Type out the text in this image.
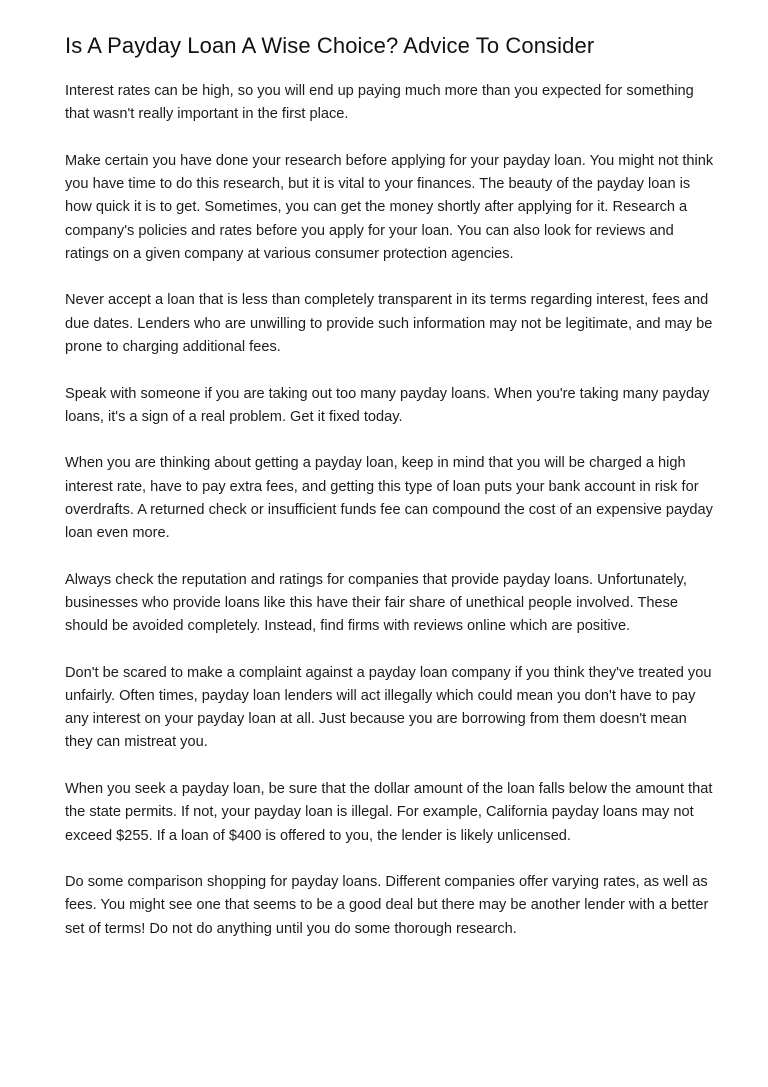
Is A Payday Loan A Wise Choice? Advice To Consider

Interest rates can be high, so you will end up paying much more than you expected for something that wasn't really important in the first place.

Make certain you have done your research before applying for your payday loan. You might not think you have time to do this research, but it is vital to your finances. The beauty of the payday loan is how quick it is to get. Sometimes, you can get the money shortly after applying for it. Research a company's policies and rates before you apply for your loan. You can also look for reviews and ratings on a given company at various consumer protection agencies.

Never accept a loan that is less than completely transparent in its terms regarding interest, fees and due dates. Lenders who are unwilling to provide such information may not be legitimate, and may be prone to charging additional fees.

Speak with someone if you are taking out too many payday loans. When you're taking many payday loans, it's a sign of a real problem. Get it fixed today.

When you are thinking about getting a payday loan, keep in mind that you will be charged a high interest rate, have to pay extra fees, and getting this type of loan puts your bank account in risk for overdrafts. A returned check or insufficient funds fee can compound the cost of an expensive payday loan even more.

Always check the reputation and ratings for companies that provide payday loans. Unfortunately, businesses who provide loans like this have their fair share of unethical people involved. These should be avoided completely. Instead, find firms with reviews online which are positive.

Don't be scared to make a complaint against a payday loan company if you think they've treated you unfairly. Often times, payday loan lenders will act illegally which could mean you don't have to pay any interest on your payday loan at all. Just because you are borrowing from them doesn't mean they can mistreat you.

When you seek a payday loan, be sure that the dollar amount of the loan falls below the amount that the state permits. If not, your payday loan is illegal. For example, California payday loans may not exceed $255. If a loan of $400 is offered to you, the lender is likely unlicensed.

Do some comparison shopping for payday loans. Different companies offer varying rates, as well as fees. You might see one that seems to be a good deal but there may be another lender with a better set of terms! Do not do anything until you do some thorough research.
